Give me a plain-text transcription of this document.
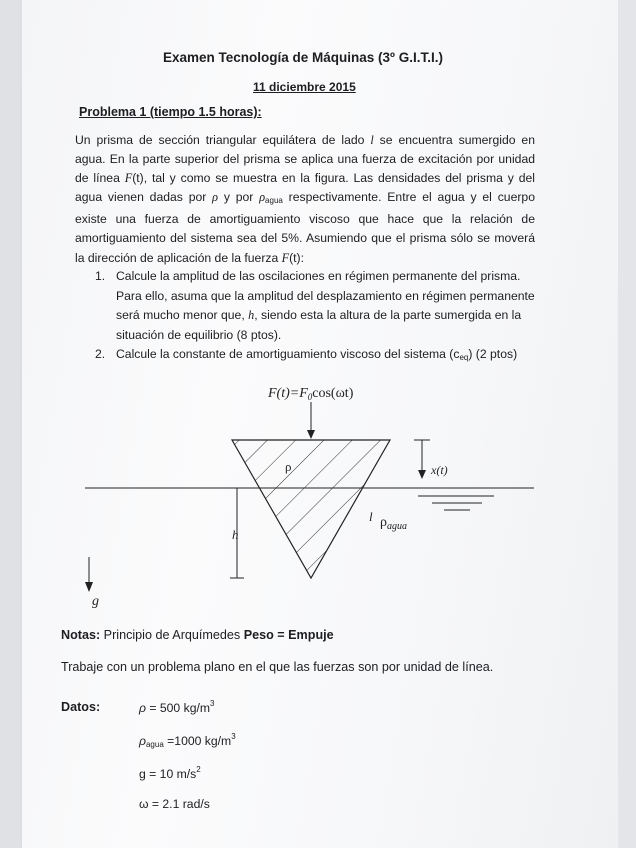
Examen Tecnología de Máquinas (3º G.I.T.I.)
11 diciembre 2015
Problema 1 (tiempo 1.5 horas):
Un prisma de sección triangular equilátera de lado l se encuentra sumergido en agua. En la parte superior del prisma se aplica una fuerza de excitación por unidad de línea F(t), tal y como se muestra en la figura. Las densidades del prisma y del agua vienen dadas por ρ y por $\rho_{agua}$ respectivamente. Entre el agua y el cuerpo existe una fuerza de amortiguamiento viscoso que hace que la relación de amortiguamiento del sistema sea del 5%. Asumiendo que el prisma sólo se moverá la dirección de aplicación de la fuerza F(t):
1. Calcule la amplitud de las oscilaciones en régimen permanente del prisma. Para ello, asuma que la amplitud del desplazamiento en régimen permanente será mucho menor que, h, siendo esta la altura de la parte sumergida en la situación de equilibrio (8 ptos).
2. Calcule la constante de amortiguamiento viscoso del sistema $(c_{eq})$ (2 ptos)
$F(t)=F_0\cos(\omega t)$
ρ	x(t)
l $\rho_{agua}$
h
g
Notas: Principio de Arquímedes Peso = Empuje
Trabaje con un problema plano en el que las fuerzas son por unidad de línea.
Datos:	ρ = 500 $kg/m^3$
$\rho_{agua} =1000$ $kg/m^3$
g = 10 $m/s^2$
ω = 2.1 rad/s
